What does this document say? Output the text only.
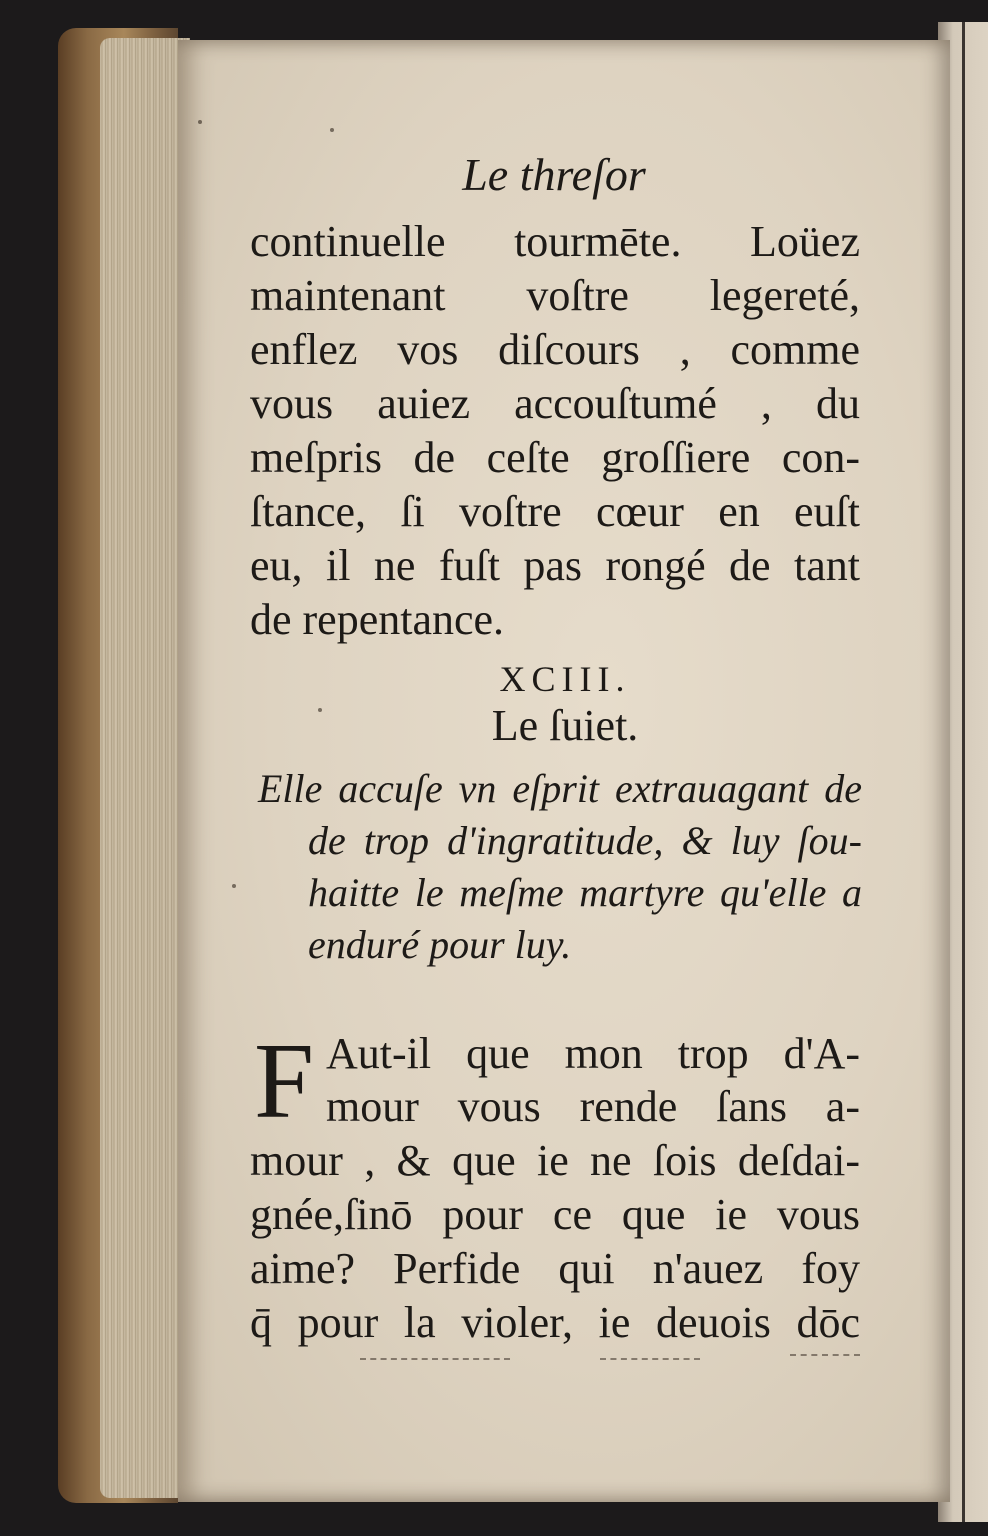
Le threſor
continuelle tourmēte. Loüez
maintenant voſtre legereté,
enflez vos diſcours , comme
vous auiez accouſtumé , du
meſpris de ceſte groſſiere con-
ſtance, ſi voſtre cœur en euſt
eu, il ne fuſt pas rongé de tant
de repentance.
XCIII.
Le ſuiet.
Elle accuſe vn eſprit extrauagant de
de trop d'ingratitude, & luy ſou-
haitte le meſme martyre qu'elle a
enduré pour luy.
F Aut-il que mon trop d'A-
mour vous rende ſans a-
mour , & que ie ne ſois deſdai-
gnée,ſinō pour ce que ie vous
aime? Perfide qui n'auez foy
q̄ pour la violer, ie deuois dōc
